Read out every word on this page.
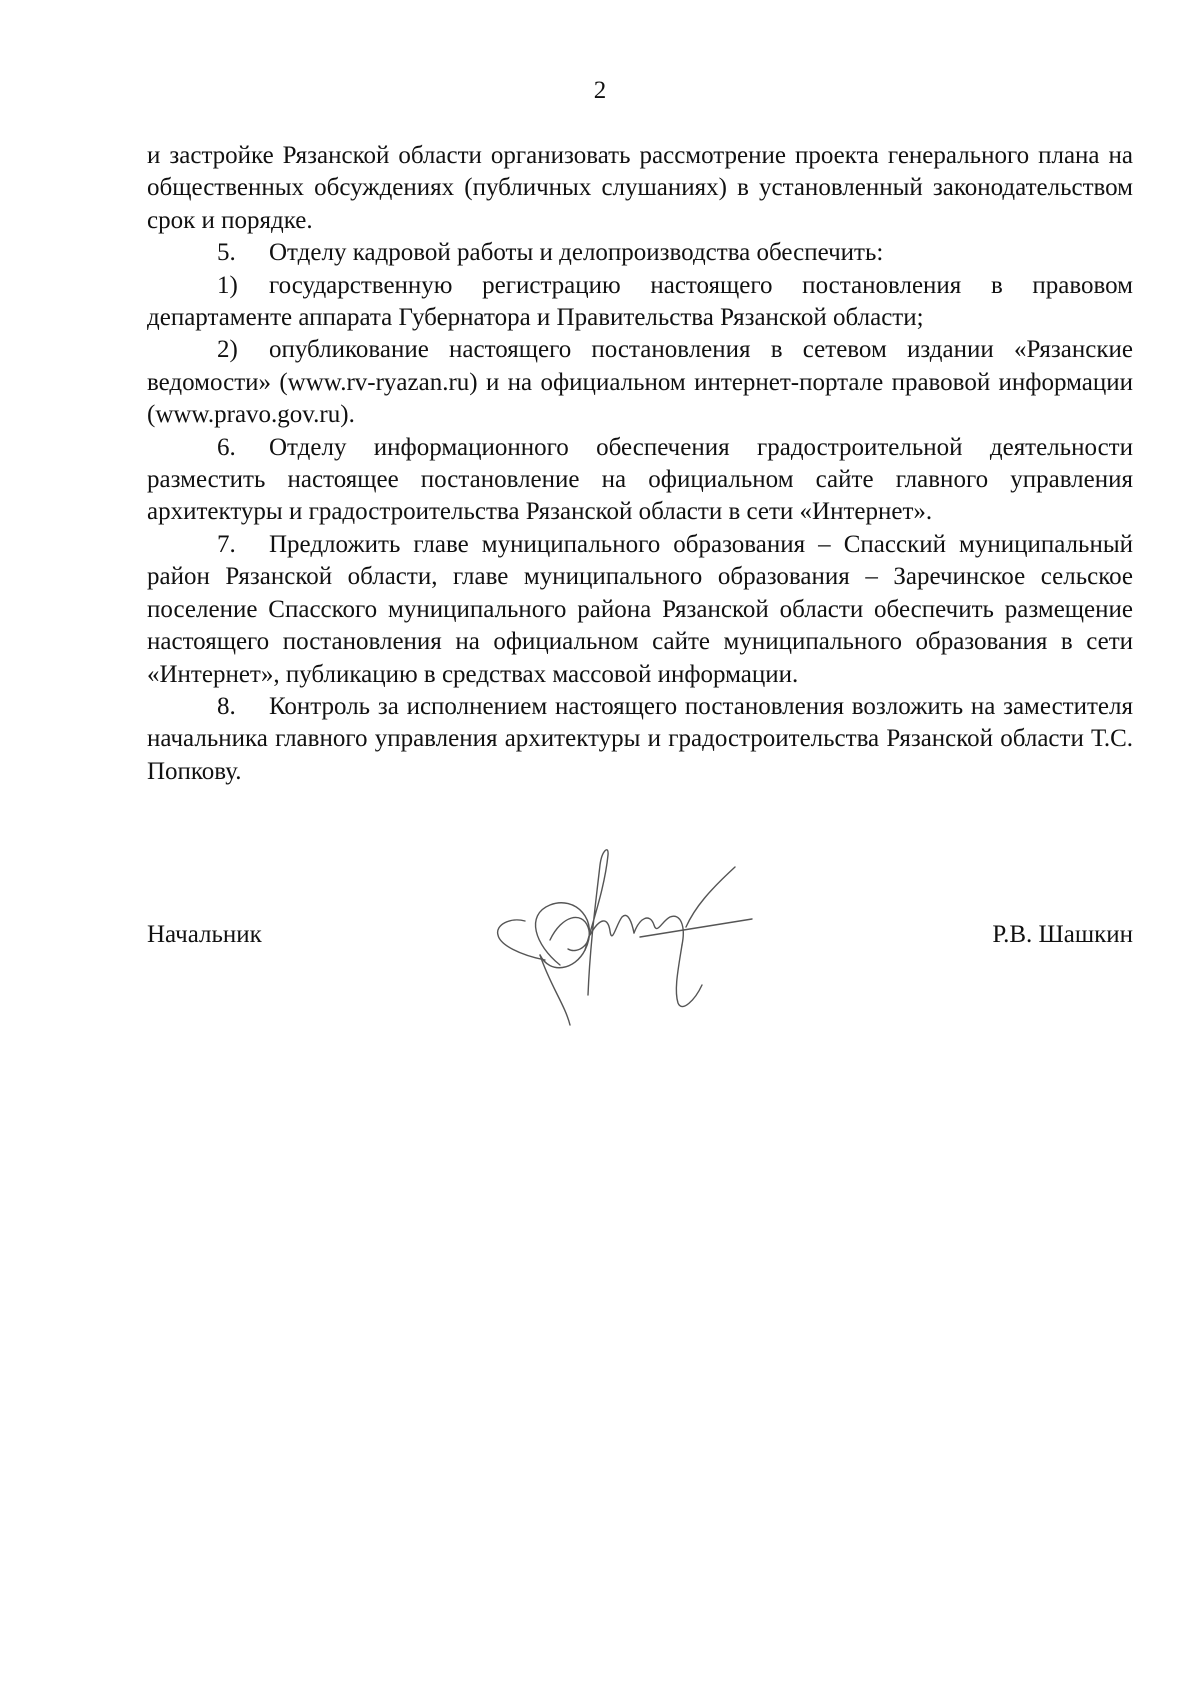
2

и застройке Рязанской области организовать рассмотрение проекта генерального плана на общественных обсуждениях (публичных слушаниях) в установленный законодательством срок и порядке.

5. Отделу кадровой работы и делопроизводства обеспечить:

1) государственную регистрацию настоящего постановления в правовом департаменте аппарата Губернатора и Правительства Рязанской области;

2) опубликование настоящего постановления в сетевом издании «Рязанские ведомости» (www.rv-ryazan.ru) и на официальном интернет-портале правовой информации (www.pravo.gov.ru).

6. Отделу информационного обеспечения градостроительной деятельности разместить настоящее постановление на официальном сайте главного управления архитектуры и градостроительства Рязанской области в сети «Интернет».

7. Предложить главе муниципального образования – Спасский муниципальный район Рязанской области, главе муниципального образования – Заречинское сельское поселение Спасского муниципального района Рязанской области обеспечить размещение настоящего постановления на официальном сайте муниципального образования в сети «Интернет», публикацию в средствах массовой информации.

8. Контроль за исполнением настоящего постановления возложить на заместителя начальника главного управления архитектуры и градостроительства Рязанской области Т.С. Попкову.

Начальник	Р.В. Шашкин
